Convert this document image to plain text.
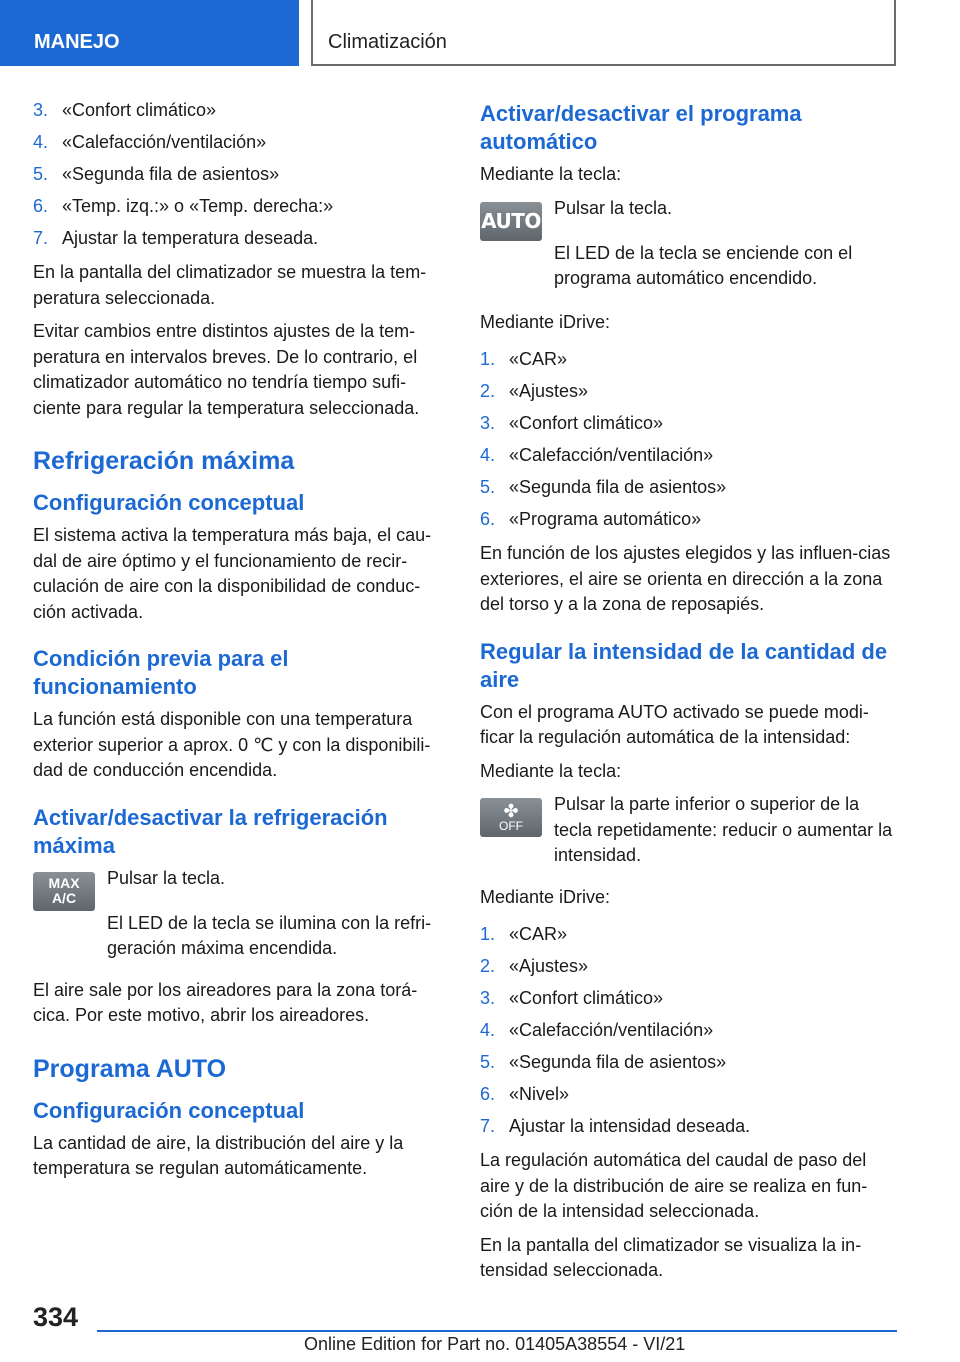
MANEJO	Climatización
3. «Confort climático»
4. «Calefacción/ventilación»
5. «Segunda fila de asientos»
6. «Temp. izq.:» o «Temp. derecha:»
7. Ajustar la temperatura deseada.

En la pantalla del climatizador se muestra la tem-peratura seleccionada.

Evitar cambios entre distintos ajustes de la tem-peratura en intervalos breves. De lo contrario, el climatizador automático no tendría tiempo sufi-ciente para regular la temperatura seleccionada.

Refrigeración máxima
Configuración conceptual

El sistema activa la temperatura más baja, el cau-dal de aire óptimo y el funcionamiento de recir-culación de aire con la disponibilidad de conduc-ción activada.

Condición previa para el funcionamiento

La función está disponible con una temperatura exterior superior a aprox. 0 ℃ y con la disponibili-dad de conducción encendida.

Activar/desactivar la refrigeración máxima
MAX
A/C

Pulsar la tecla.

El LED de la tecla se ilumina con la refri-geración máxima encendida.

El aire sale por los aireadores para la zona torá-cica. Por este motivo, abrir los aireadores.

Programa AUTO
Configuración conceptual

La cantidad de aire, la distribución del aire y la temperatura se regulan automáticamente.

Activar/desactivar el programa automático

Mediante la tecla:

AUTO

Pulsar la tecla.

El LED de la tecla se enciende con el programa automático encendido.

Mediante iDrive:

1. «CAR»
2. «Ajustes»
3. «Confort climático»
4. «Calefacción/ventilación»
5. «Segunda fila de asientos»
6. «Programa automático»

En función de los ajustes elegidos y las influen-cias exteriores, el aire se orienta en dirección a la zona del torso y a la zona de reposapiés.

Regular la intensidad de la cantidad de aire

Con el programa AUTO activado se puede modi-ficar la regulación automática de la intensidad:

Mediante la tecla:

✤
OFF

Pulsar la parte inferior o superior de la tecla repetidamente: reducir o aumentar la intensidad.

Mediante iDrive:

1. «CAR»
2. «Ajustes»
3. «Confort climático»
4. «Calefacción/ventilación»
5. «Segunda fila de asientos»
6. «Nivel»
7. Ajustar la intensidad deseada.

La regulación automática del caudal de paso del aire y de la distribución de aire se realiza en fun-ción de la intensidad seleccionada.

En la pantalla del climatizador se visualiza la in-tensidad seleccionada.

334
Online Edition for Part no. 01405A38554 - VI/21
